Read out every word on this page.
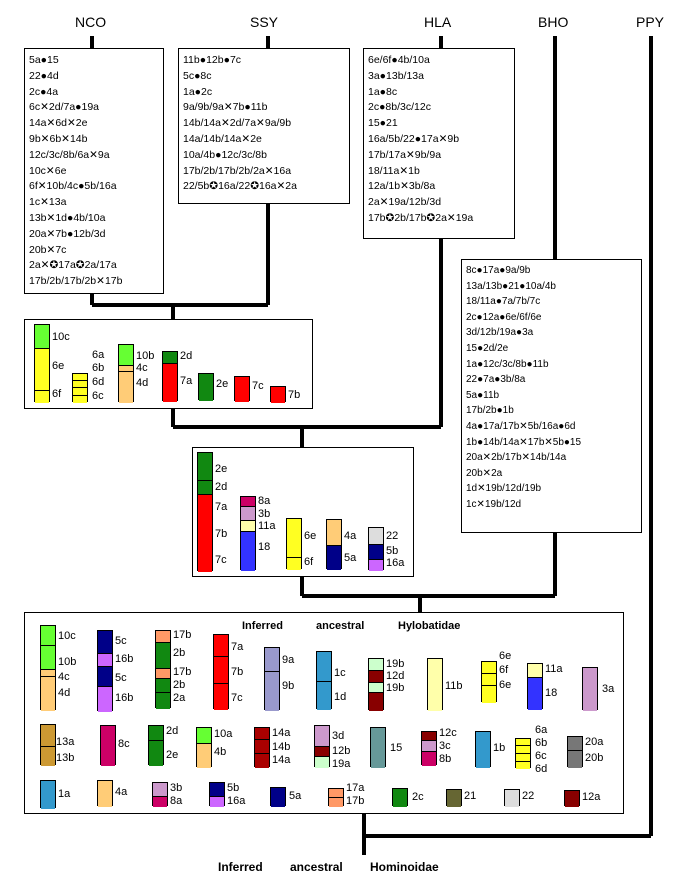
NCO	SSY	HLA	BHO	PPY
5a●15
22●4d
2c●4a
6c✕2d/7a●19a
14a✕6d✕2e
9b✕6b✕14b
12c/3c/8b/6a✕9a
10c✕6e
6f✕10b/4c●5b/16a
1c✕13a
13b✕1d●4b/10a
20a✕7b●12b/3d
20b✕7c
2a✕✪17a✪2a/17a
17b/2b/17b/2b✕17b
11b●12b●7c
5c●8c
1a●2c
9a/9b/9a✕7b●11b
14b/14a✕2d/7a✕9a/9b
14a/14b/14a✕2e
10a/4b●12c/3c/8b
17b/2b/17b/2b/2a✕16a
22/5b✪16a/22✪16a✕2a
6e/6f●4b/10a
3a●13b/13a
1a●8c
2c●8b/3c/12c
15●21
16a/5b/22●17a✕9b
17b/17a✕9b/9a
18/11a✕1b
12a/1b✕3b/8a
2a✕19a/12b/3d
17b✪2b/17b✪2a✕19a
8c●17a●9a/9b
13a/13b●21●10a/4b
18/11a●7a/7b/7c
2c●12a●6e/6f/6e
3d/12b/19a●3a
15●2d/2e
1a●12c/3c/8b●11b
22●7a●3b/8a
5a●11b
17b/2b●1b
4a●17a/17b✕5b/16a●6d
1b●14b/14a✕17b✕5b●15
20a✕2b/17b✕14b/14a
20b✕2a
1d✕19b/12d/19b
1c✕19b/12d
Inferred	ancestral	Hylobatidae
Inferred ancestral Hominoidae
10c
6e
6f
6a
6b
6d
6c
10b
4c
4d
2d
7a 2e 7c
7b
2e
2d
7a
7b
7c
8a
3b
11a
18
6e
6f
4a
5a
22
5b
16a
10c
10b
4c
4d
5c
16b
5c
16b
17b
2b
17b
2b
2a
7a
7b
7c
9a
9b
1c
1d
19b
12d
19b	11b
6e
6f
6e
11a
18	3a
13a
13b
8c
2d
2e
10a
4b
14a
14b
14a
3d
12b
19a
15
12c
3c
8b
1b
6a
6b
6c
6d
20a
20b
1a	4a	3b
8a
5b
16a	5a
17a
17b	2c	21	22	12a
